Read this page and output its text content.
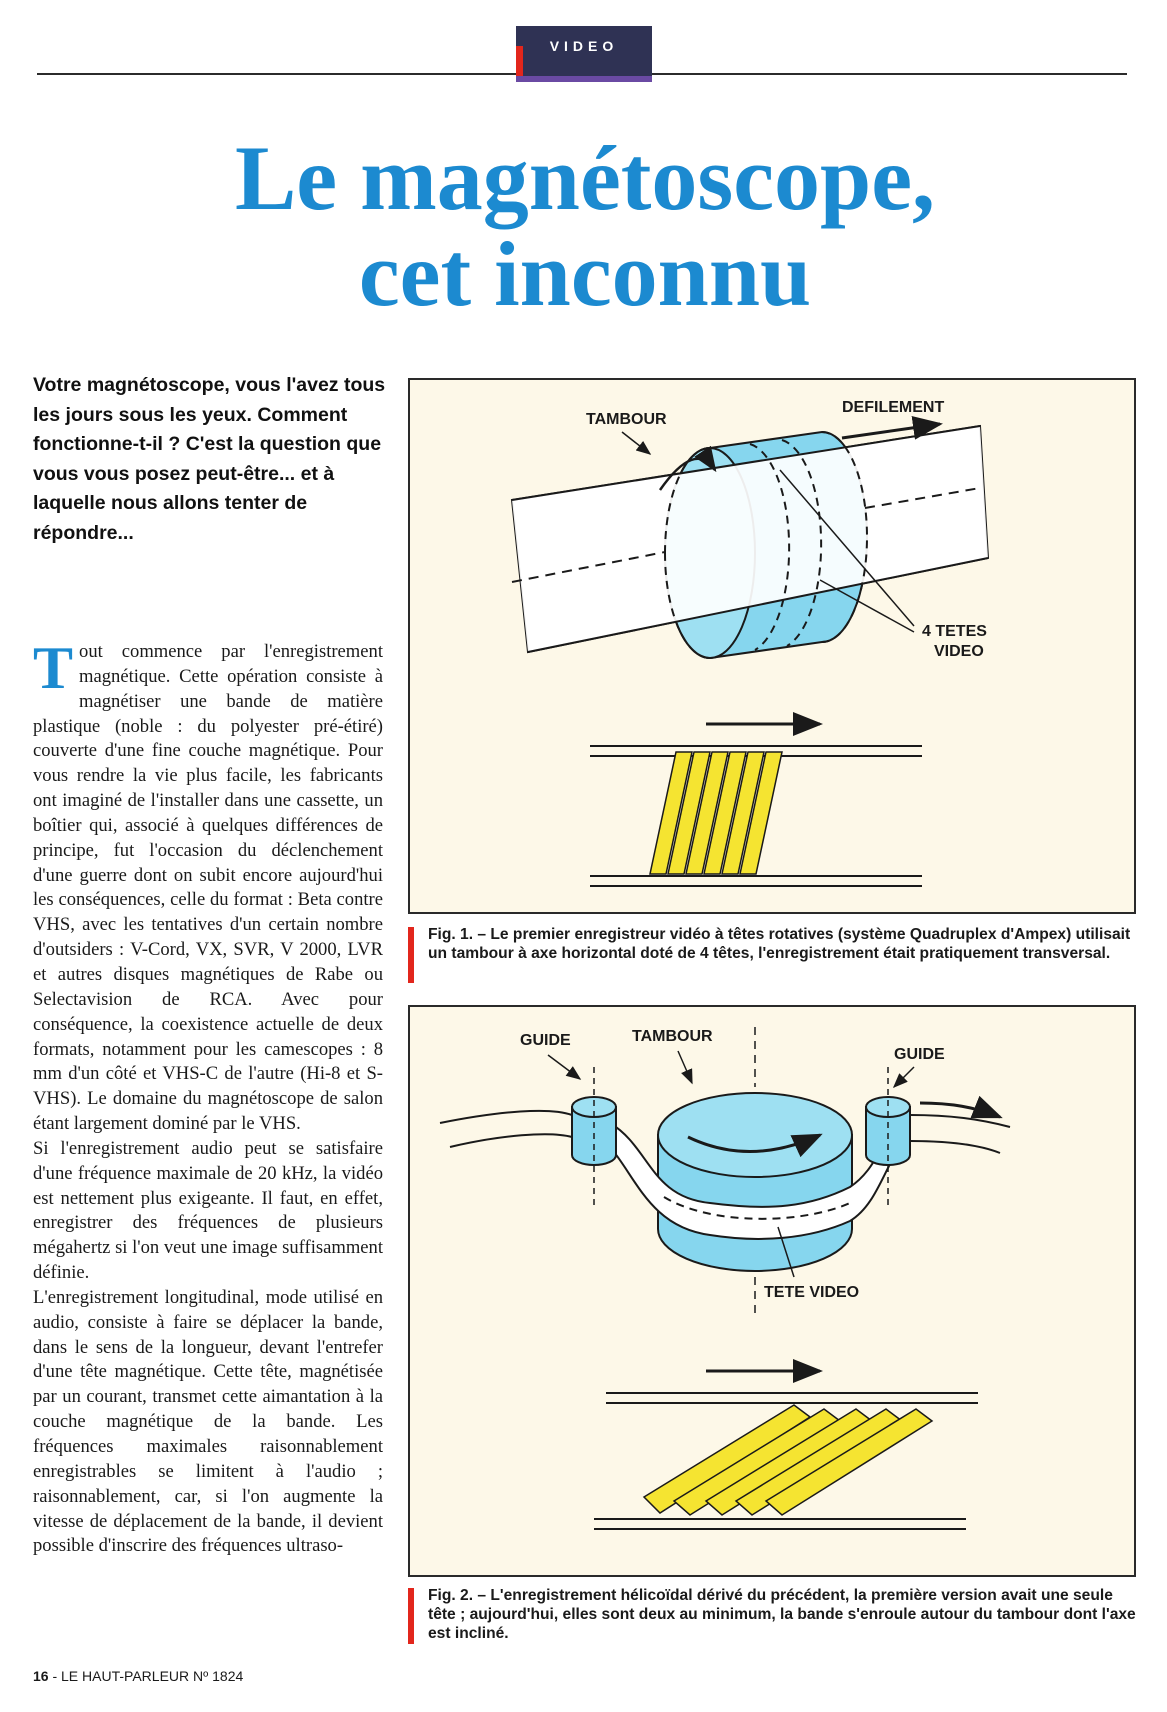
VIDEO
Le magnétoscope,
cet inconnu
Votre magnétoscope, vous l'avez tous les jours sous les yeux. Comment fonctionne-t-il ? C'est la question que vous vous posez peut-être... et à laquelle nous allons tenter de répondre...

Tout commence par l'enregistrement magnétique. Cette opération consiste à magnétiser une bande de matière plastique (noble : du polyester pré-étiré) couverte d'une fine couche magnétique. Pour vous rendre la vie plus facile, les fabricants ont imaginé de l'installer dans une cassette, un boîtier qui, associé à quelques différences de principe, fut l'occasion du déclenchement d'une guerre dont on subit encore aujourd'hui les conséquences, celle du format : Beta contre VHS, avec les tentatives d'un certain nombre d'outsiders : V-Cord, VX, SVR, V 2000, LVR et autres disques magnétiques de Rabe ou Selectavision de RCA. Avec pour conséquence, la coexistence actuelle de deux formats, notamment pour les camescopes : 8 mm d'un côté et VHS-C de l'autre (Hi-8 et S-VHS). Le domaine du magnétoscope de salon étant largement dominé par le VHS.

Si l'enregistrement audio peut se satisfaire d'une fréquence maximale de 20 kHz, la vidéo est nettement plus exigeante. Il faut, en effet, enregistrer des fréquences de plusieurs mégahertz si l'on veut une image suffisamment définie.

L'enregistrement longitudinal, mode utilisé en audio, consiste à faire se déplacer la bande, dans le sens de la longueur, devant l'entrefer d'une tête magnétique. Cette tête, magnétisée par un courant, transmet cette aimantation à la couche magnétique de la bande. Les fréquences maximales raisonnablement enregistrables se limitent à l'audio ; raisonnablement, car, si l'on augmente la vitesse de déplacement de la bande, il devient possible d'inscrire des fréquences ultraso-

TAMBOUR
DEFILEMENT
4 TETES
VIDEO
Fig. 1. – Le premier enregistreur vidéo à têtes rotatives (système Quadruplex d'Ampex) utilisait un tambour à axe horizontal doté de 4 têtes, l'enregistrement était pratiquement transversal.
GUIDE	TAMBOUR
GUIDE
TETE VIDEO
Fig. 2. – L'enregistrement hélicoïdal dérivé du précédent, la première version avait une seule tête ; aujourd'hui, elles sont deux au minimum, la bande s'enroule autour du tambour dont l'axe est incliné.
16 - LE HAUT-PARLEUR Nº 1824
